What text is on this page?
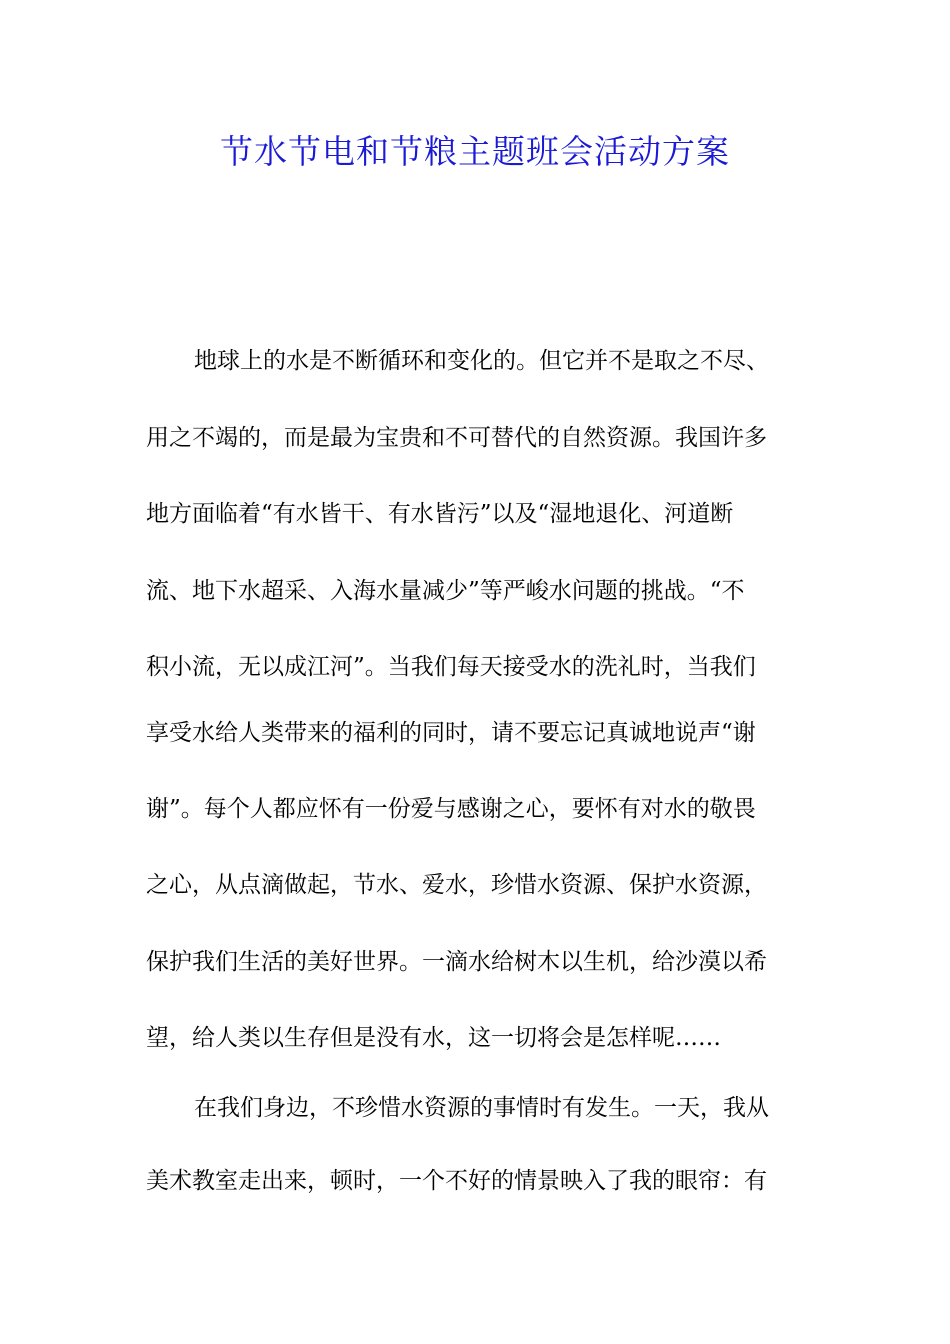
节水节电和节粮主题班会活动方案
地球上的水是不断循环和变化的。但它并不是取之不尽、
用之不竭的，而是最为宝贵和不可替代的自然资源。我国许多
地方面临着“有水皆干、有水皆污”以及“湿地退化、河道断
流、地下水超采、入海水量减少”等严峻水问题的挑战。“不
积小流，无以成江河”。当我们每天接受水的洗礼时，当我们
享受水给人类带来的福利的同时，请不要忘记真诚地说声“谢
谢”。每个人都应怀有一份爱与感谢之心，要怀有对水的敬畏
之心，从点滴做起，节水、爱水，珍惜水资源、保护水资源，
保护我们生活的美好世界。一滴水给树木以生机，给沙漠以希
望，给人类以生存但是没有水，这一切将会是怎样呢……
在我们身边，不珍惜水资源的事情时有发生。一天，我从
美术教室走出来，顿时，一个不好的情景映入了我的眼帘：有
